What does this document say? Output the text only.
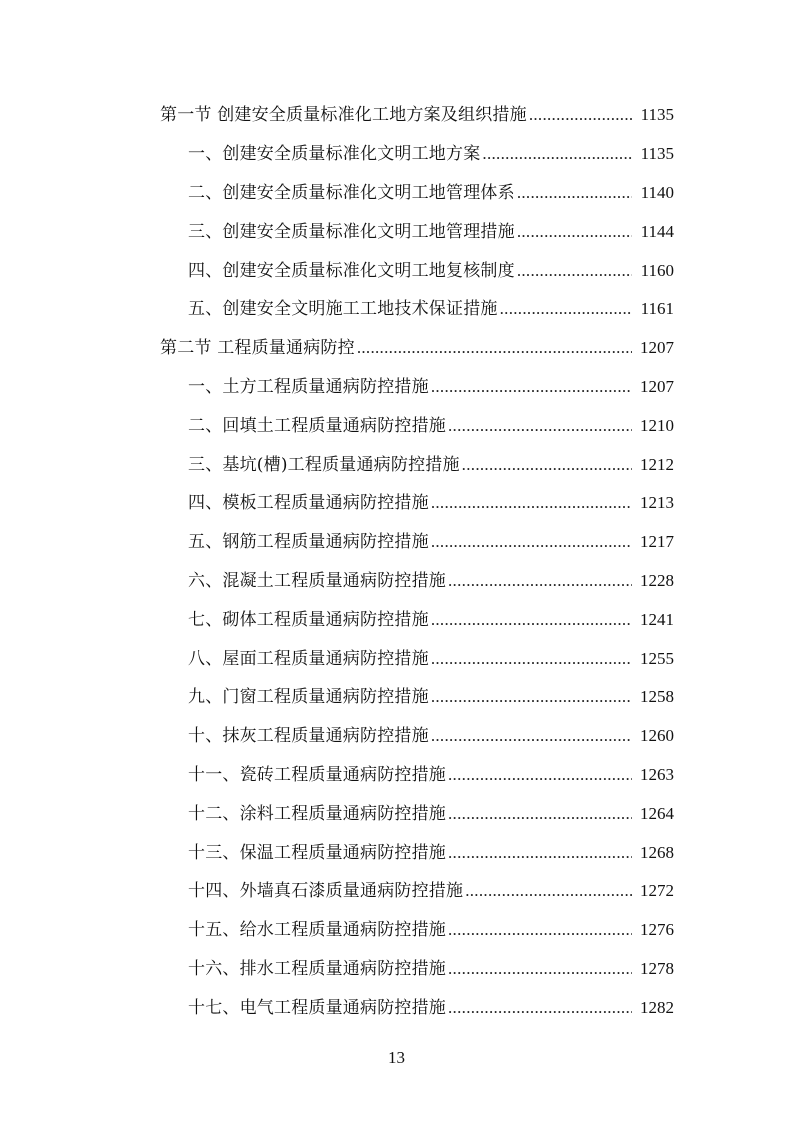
第一节 创建安全质量标准化工地方案及组织措施 .....	1135
一、创建安全质量标准化文明工地方案 .....	1135
二、创建安全质量标准化文明工地管理体系 .....	1140
三、创建安全质量标准化文明工地管理措施 .....	1144
四、创建安全质量标准化文明工地复核制度 .....	1160
五、创建安全文明施工工地技术保证措施 .....	1161
第二节 工程质量通病防控 .....	1207
一、土方工程质量通病防控措施 .....	1207
二、回填土工程质量通病防控措施 .....	1210
三、基坑(槽)工程质量通病防控措施 .....	1212
四、模板工程质量通病防控措施 .....	1213
五、钢筋工程质量通病防控措施 .....	1217
六、混凝土工程质量通病防控措施 .....	1228
七、砌体工程质量通病防控措施 .....	1241
八、屋面工程质量通病防控措施 .....	1255
九、门窗工程质量通病防控措施 .....	1258
十、抹灰工程质量通病防控措施 .....	1260
十一、瓷砖工程质量通病防控措施 .....	1263
十二、涂料工程质量通病防控措施 .....	1264
十三、保温工程质量通病防控措施 .....	1268
十四、外墙真石漆质量通病防控措施 .....	1272
十五、给水工程质量通病防控措施 .....	1276
十六、排水工程质量通病防控措施 .....	1278
十七、电气工程质量通病防控措施 .....	1282
13
